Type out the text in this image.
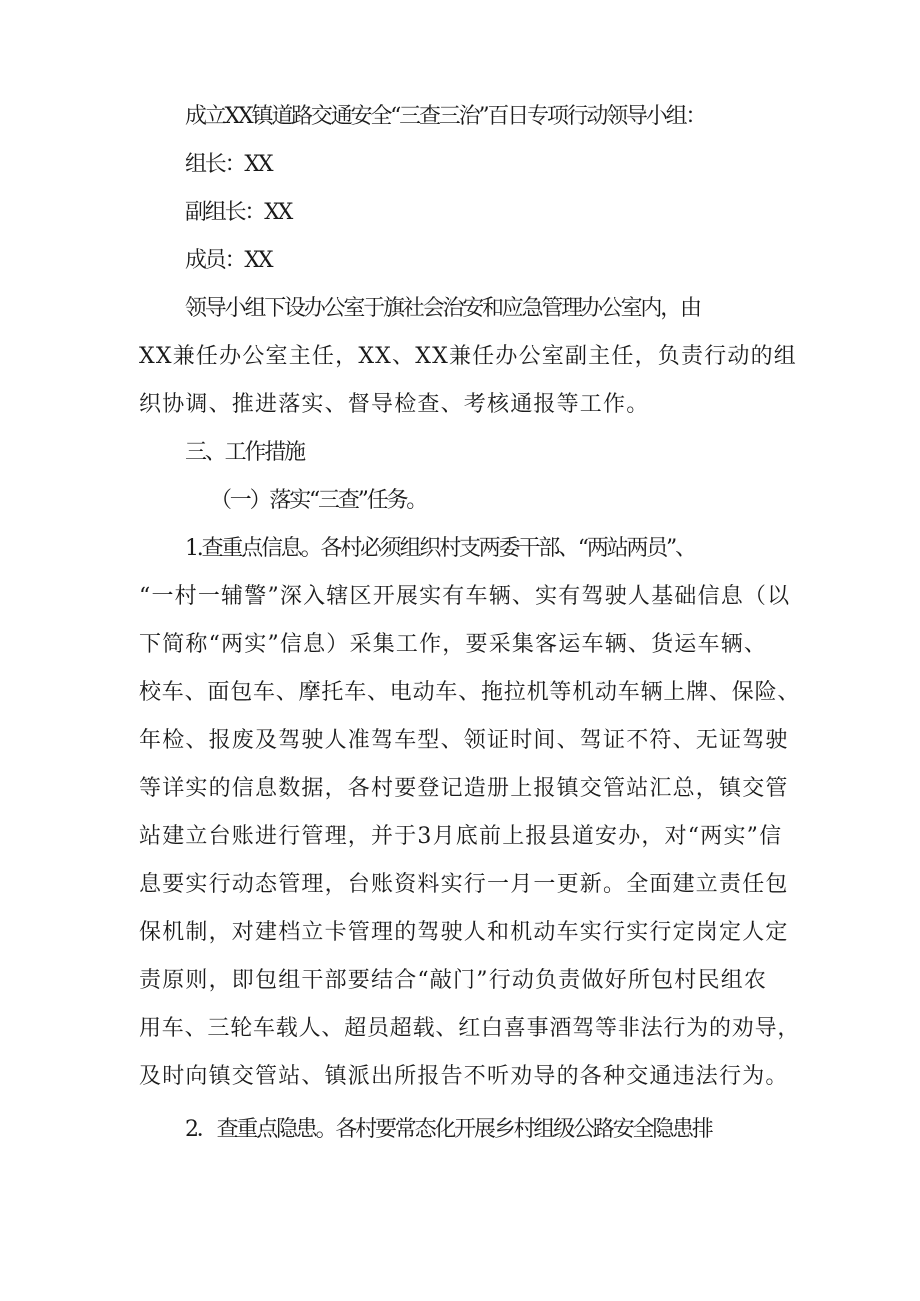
成立XX镇道路交通安全“三查三治”百日专项行动领导小组：
组长：XX
副组长：XX
成员：XX
领导小组下设办公室于旗社会治安和应急管理办公室内，由
XX兼任办公室主任，XX、XX兼任办公室副主任，负责行动的组
织协调、推进落实、督导检查、考核通报等工作。
三、工作措施
（一）落实“三查”任务。
1.查重点信息。各村必须组织村支两委干部、“两站两员”、
“一村一辅警”深入辖区开展实有车辆、实有驾驶人基础信息（以
下简称“两实”信息）采集工作，要采集客运车辆、货运车辆、
校车、面包车、摩托车、电动车、拖拉机等机动车辆上牌、保险、
年检、报废及驾驶人准驾车型、领证时间、驾证不符、无证驾驶
等详实的信息数据，各村要登记造册上报镇交管站汇总，镇交管
站建立台账进行管理，并于3月底前上报县道安办，对“两实”信
息要实行动态管理，台账资料实行一月一更新。全面建立责任包
保机制，对建档立卡管理的驾驶人和机动车实行实行定岗定人定
责原则，即包组干部要结合“敲门”行动负责做好所包村民组农
用车、三轮车载人、超员超载、红白喜事酒驾等非法行为的劝导，
及时向镇交管站、镇派出所报告不听劝导的各种交通违法行为。
2．查重点隐患。各村要常态化开展乡村组级公路安全隐患排
